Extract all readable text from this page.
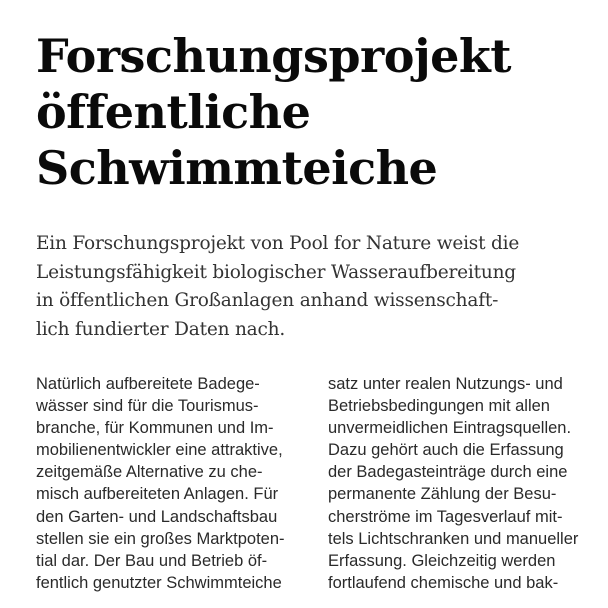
Forschungsprojekt
öffentliche
Schwimmteiche

Ein Forschungsprojekt von Pool for Nature weist die
Leistungsfähigkeit biologischer Wasseraufbereitung
in öffentlichen Großanlagen anhand wissenschaft-
lich fundierter Daten nach.

Natürlich aufbereitete Badege-
wässer sind für die Tourismus-
branche, für Kommunen und Im-
mobilienentwickler eine attraktive,
zeitgemäße Alternative zu che-
misch aufbereiteten Anlagen. Für
den Garten- und Landschaftsbau
stellen sie ein großes Marktpoten-
tial dar. Der Bau und Betrieb öf-
fentlich genutzter Schwimmteiche

satz unter realen Nutzungs- und
Betriebsbedingungen mit allen
unvermeidlichen Eintragsquellen.
Dazu gehört auch die Erfassung
der Badegasteinträge durch eine
permanente Zählung der Besu-
cherströme im Tagesverlauf mit-
tels Lichtschranken und manueller
Erfassung. Gleichzeitig werden
fortlaufend chemische und bak-
